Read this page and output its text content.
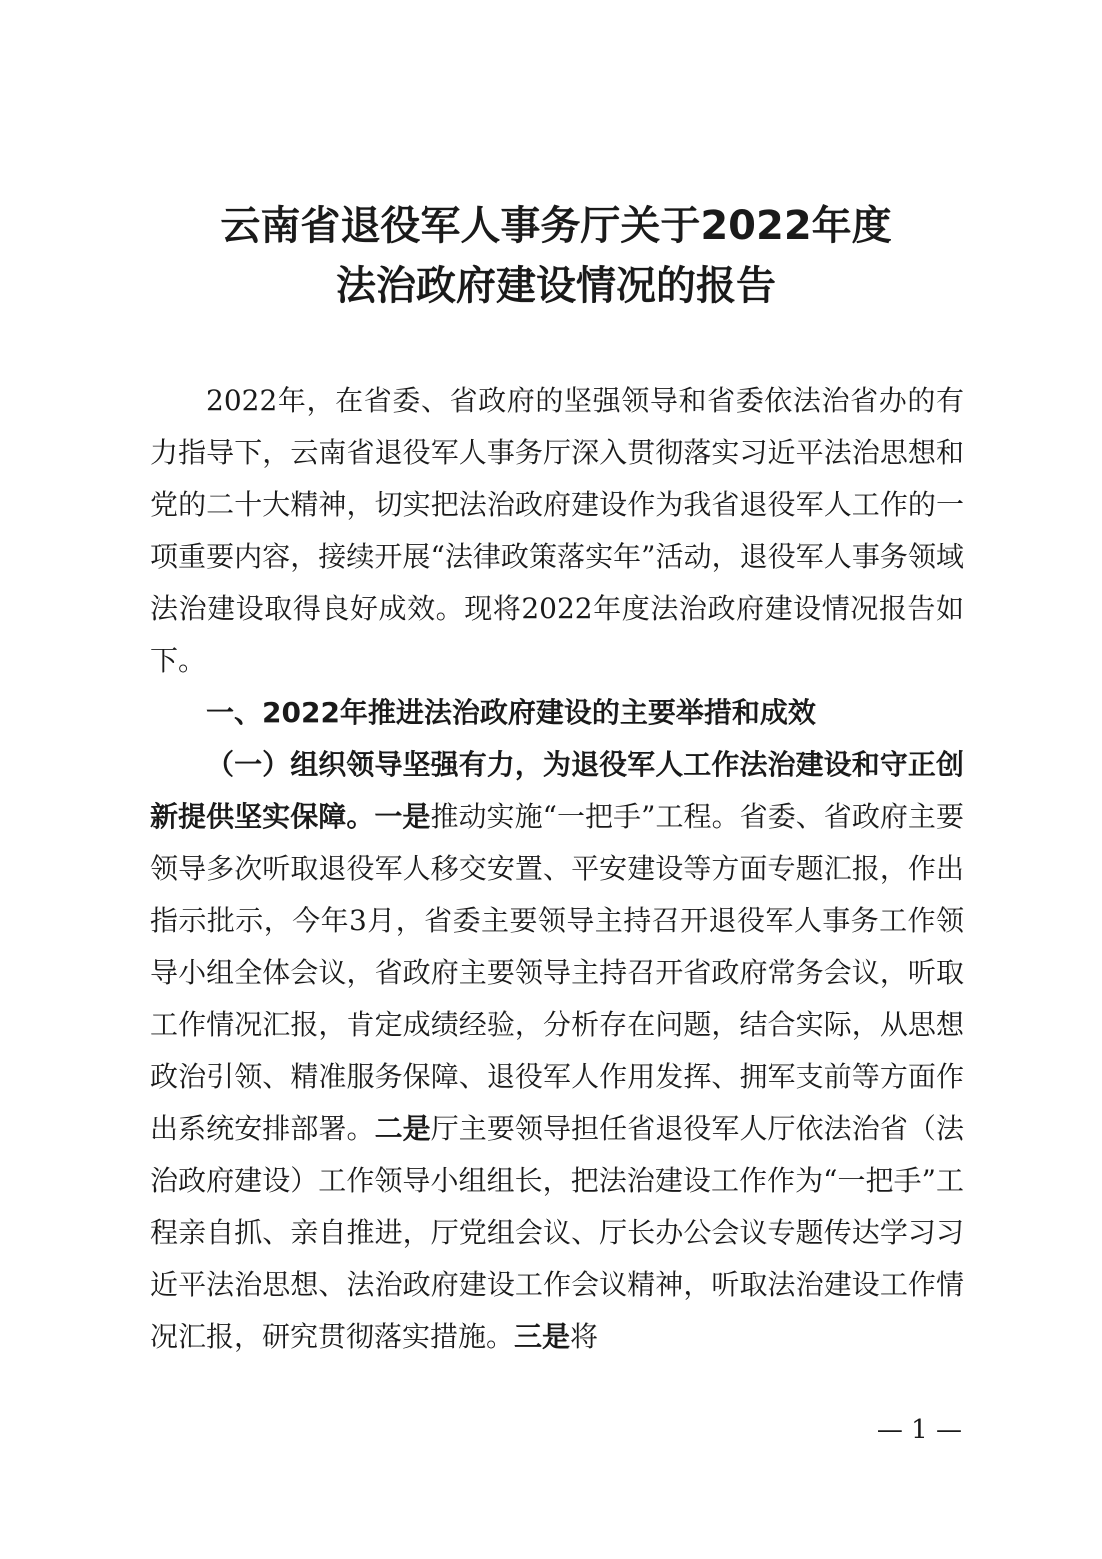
云南省退役军人事务厅关于2022年度
法治政府建设情况的报告

2022年，在省委、省政府的坚强领导和省委依法治省办的有力指导下，云南省退役军人事务厅深入贯彻落实习近平法治思想和党的二十大精神，切实把法治政府建设作为我省退役军人工作的一项重要内容，接续开展“法律政策落实年”活动，退役军人事务领域法治建设取得良好成效。现将2022年度法治政府建设情况报告如下。

一、2022年推进法治政府建设的主要举措和成效

（一）组织领导坚强有力，为退役军人工作法治建设和守正创新提供坚实保障。一是推动实施“一把手”工程。省委、省政府主要领导多次听取退役军人移交安置、平安建设等方面专题汇报，作出指示批示，今年3月，省委主要领导主持召开退役军人事务工作领导小组全体会议，省政府主要领导主持召开省政府常务会议，听取工作情况汇报，肯定成绩经验，分析存在问题，结合实际，从思想政治引领、精准服务保障、退役军人作用发挥、拥军支前等方面作出系统安排部署。二是厅主要领导担任省退役军人厅依法治省（法治政府建设）工作领导小组组长，把法治建设工作作为“一把手”工程亲自抓、亲自推进，厅党组会议、厅长办公会议专题传达学习习近平法治思想、法治政府建设工作会议精神，听取法治建设工作情况汇报，研究贯彻落实措施。三是将

— 1 —
